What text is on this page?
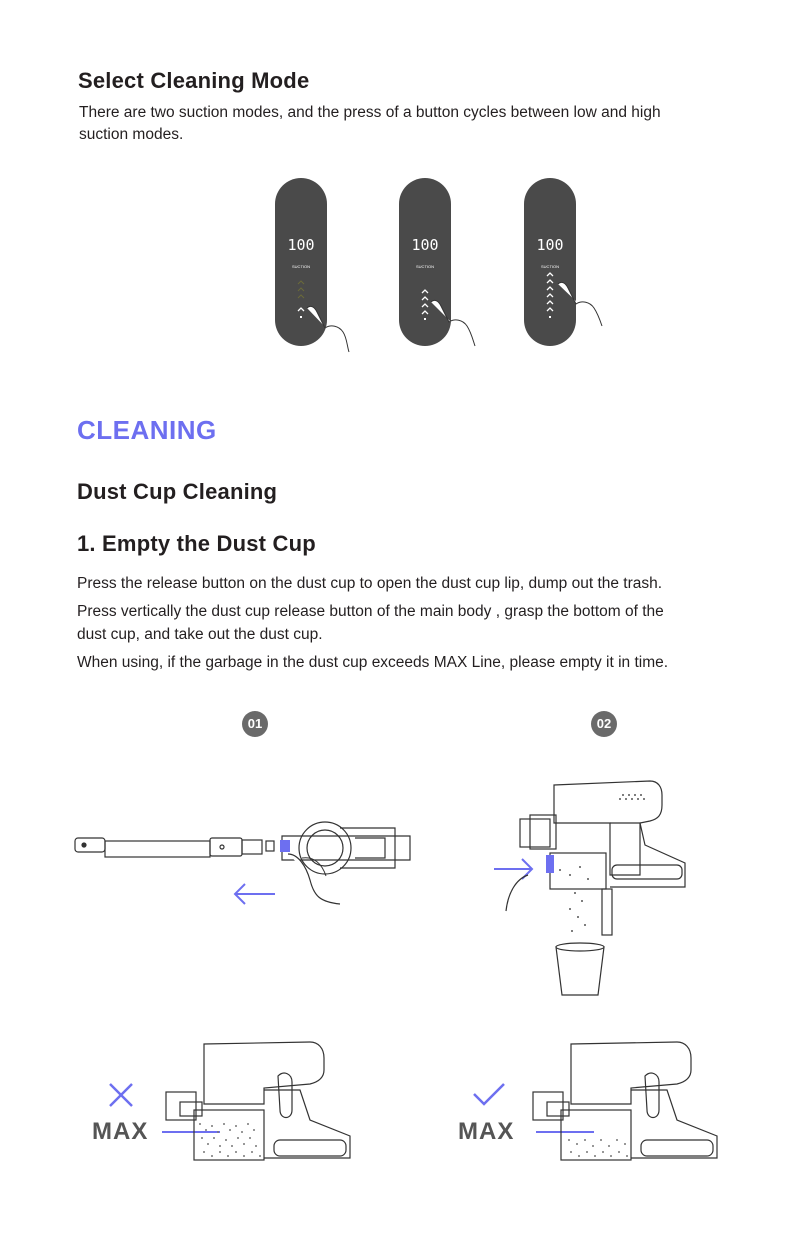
Select Cleaning Mode

There are two suction modes, and the press of a button cycles between low and high

suction modes.

100
SUCTION
100
SUCTION
100
SUCTION
CLEANING
Dust Cup Cleaning
1. Empty the Dust Cup

Press the release button on the dust cup to open the dust cup lip, dump out the trash.

Press vertically the dust cup release button of the main body , grasp the bottom of the

dust cup, and take out the dust cup.

When using, if the garbage in the dust cup exceeds MAX Line, please empty it in time.

01	02
MAX	MAX
